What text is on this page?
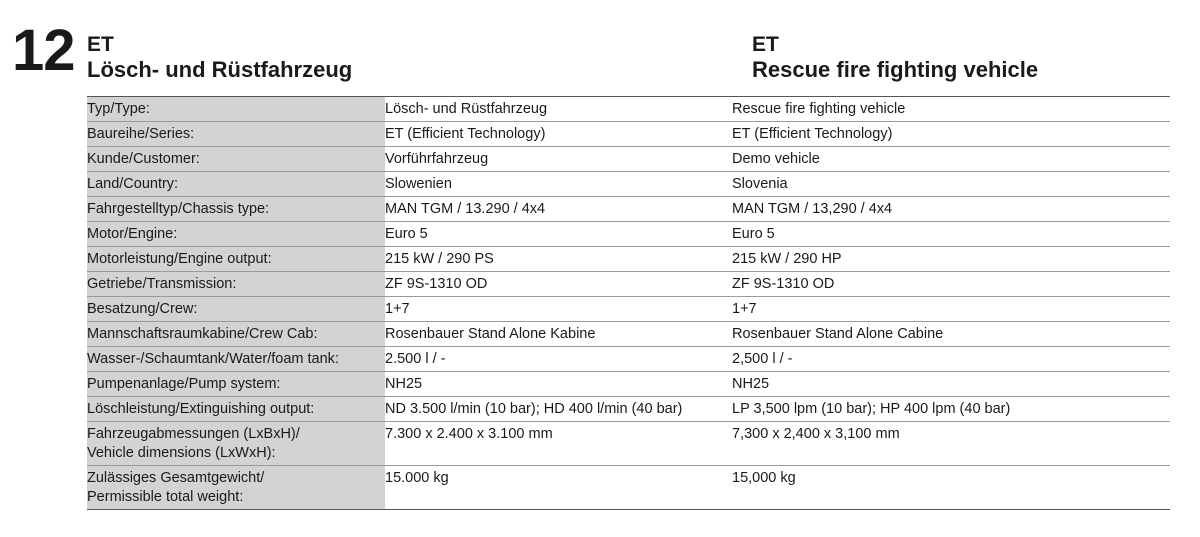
12 ET
Lösch- und Rüstfahrzeug
ET
Rescue fire fighting vehicle
Typ/Type:	Lösch- und Rüstfahrzeug	Rescue fire fighting vehicle
Baureihe/Series:	ET (Efficient Technology)	ET (Efficient Technology)
Kunde/Customer:	Vorführfahrzeug	Demo vehicle
Land/Country:	Slowenien	Slovenia
Fahrgestelltyp/Chassis type:	MAN TGM / 13.290 / 4x4	MAN TGM / 13,290 / 4x4
Motor/Engine:	Euro 5	Euro 5
Motorleistung/Engine output:	215 kW / 290 PS	215 kW / 290 HP
Getriebe/Transmission:	ZF 9S-1310 OD	ZF 9S-1310 OD
Besatzung/Crew:	1+7	1+7
Mannschaftsraumkabine/Crew Cab:	Rosenbauer Stand Alone Kabine	Rosenbauer Stand Alone Cabine
Wasser-/Schaumtank/Water/foam tank:	2.500 l / -	2,500 l / -
Pumpenanlage/Pump system:	NH25	NH25
Löschleistung/Extinguishing output:	ND 3.500 l/min (10 bar); HD 400 l/min (40 bar)	LP 3,500 lpm (10 bar); HP 400 lpm (40 bar)

Fahrzeugabmessungen (LxBxH)/
Vehicle dimensions (LxWxH):	7.300 x 2.400 x 3.100 mm	7,300 x 2,400 x 3,100 mm

Zulässiges Gesamtgewicht/
Permissible total weight:	15.000 kg	15,000 kg
